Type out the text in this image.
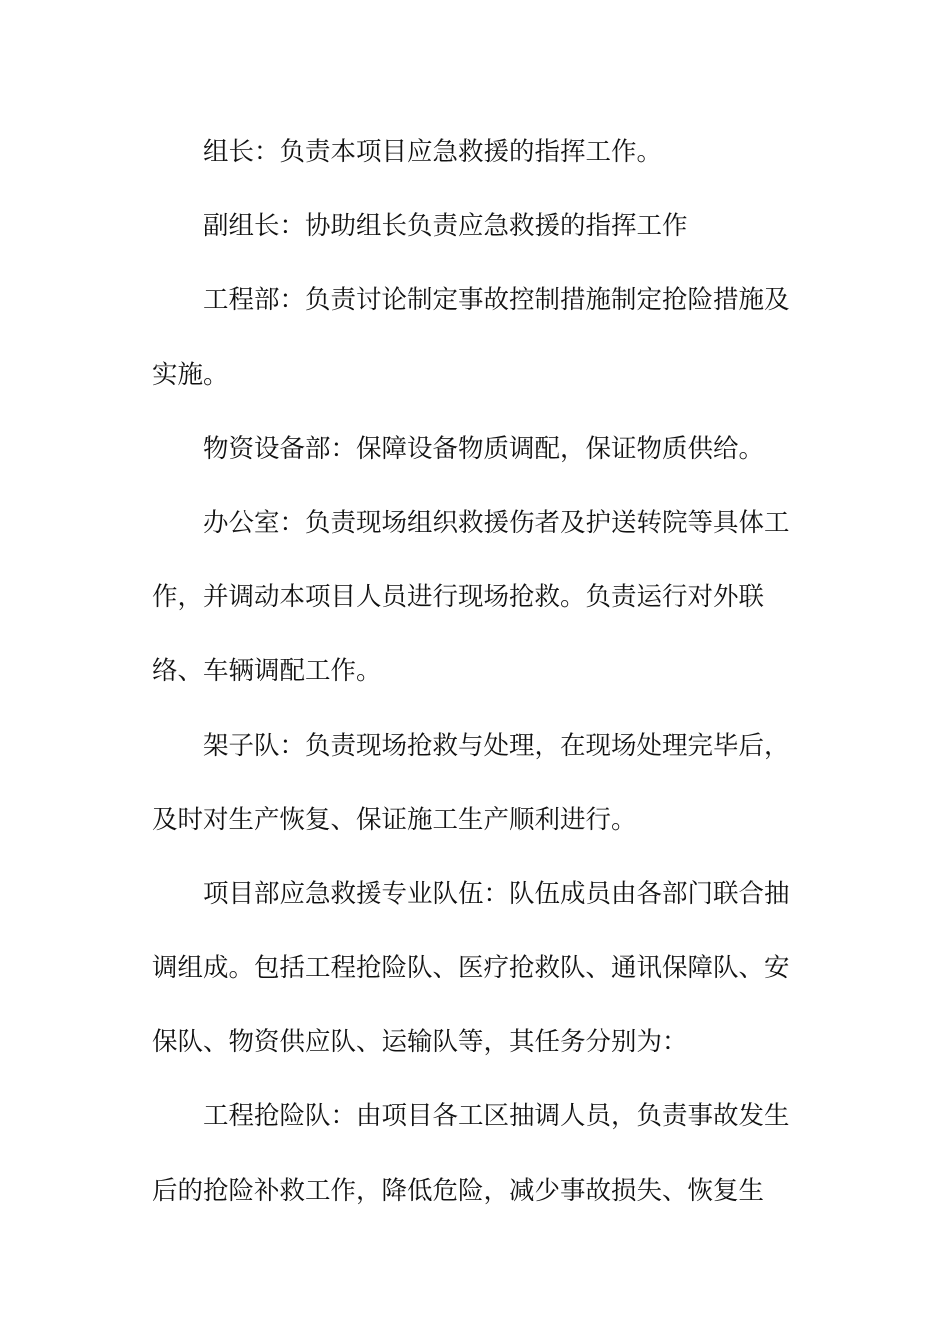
组长：负责本项目应急救援的指挥工作。
副组长：协助组长负责应急救援的指挥工作
工程部：负责讨论制定事故控制措施制定抢险措施及
实施。
物资设备部：保障设备物质调配，保证物质供给。
办公室：负责现场组织救援伤者及护送转院等具体工
作，并调动本项目人员进行现场抢救。负责运行对外联
络、车辆调配工作。
架子队：负责现场抢救与处理，在现场处理完毕后，
及时对生产恢复、保证施工生产顺利进行。
项目部应急救援专业队伍：队伍成员由各部门联合抽
调组成。包括工程抢险队、医疗抢救队、通讯保障队、安
保队、物资供应队、运输队等，其任务分别为：
工程抢险队：由项目各工区抽调人员，负责事故发生
后的抢险补救工作，降低危险，减少事故损失、恢复生
